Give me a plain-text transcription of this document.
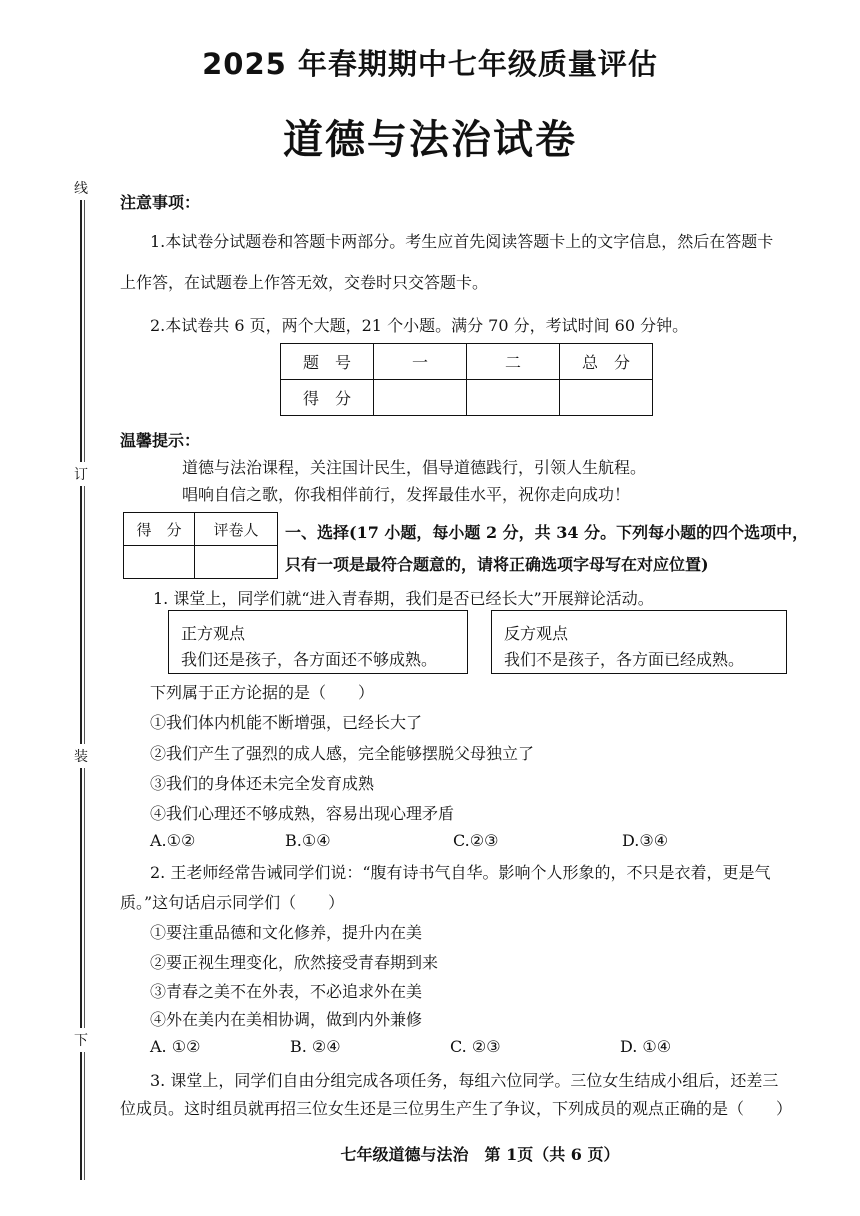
线
订
装
下
2025 年春期期中七年级质量评估
道德与法治试卷
注意事项：
1.本试卷分试题卷和答题卡两部分。考生应首先阅读答题卡上的文字信息，然后在答题卡
上作答，在试题卷上作答无效，交卷时只交答题卡。
2.本试卷共 6 页，两个大题，21 个小题。满分 70 分，考试时间 60 分钟。
题　号	一	二	总　分
得　分			
温馨提示：
道德与法治课程，关注国计民生，倡导道德践行，引领人生航程。
唱响自信之歌，你我相伴前行，发挥最佳水平，祝你走向成功！
得　分	评卷人
	一、选择(17 小题，每小题 2 分，共 34 分。下列每小题的四个选项中，
只有一项是最符合题意的，请将正确选项字母写在对应位置)
1. 课堂上，同学们就“进入青春期，我们是否已经长大”开展辩论活动。
正方观点
我们还是孩子，各方面还不够成熟。
反方观点
我们不是孩子，各方面已经成熟。
下列属于正方论据的是（　　）
①我们体内机能不断增强，已经长大了
②我们产生了强烈的成人感，完全能够摆脱父母独立了
③我们的身体还未完全发育成熟
④我们心理还不够成熟，容易出现心理矛盾
A.①②	B.①④	C.②③	D.③④
2. 王老师经常告诫同学们说：“腹有诗书气自华。影响个人形象的，不只是衣着，更是气
质。”这句话启示同学们（　　）
①要注重品德和文化修养，提升内在美
②要正视生理变化，欣然接受青春期到来
③青春之美不在外表，不必追求外在美
④外在美内在美相协调，做到内外兼修
A. ①②	B. ②④	C. ②③	D. ①④
3. 课堂上，同学们自由分组完成各项任务，每组六位同学。三位女生结成小组后，还差三
位成员。这时组员就再招三位女生还是三位男生产生了争议，下列成员的观点正确的是（　　）
七年级道德与法治　第 1页（共 6 页）
